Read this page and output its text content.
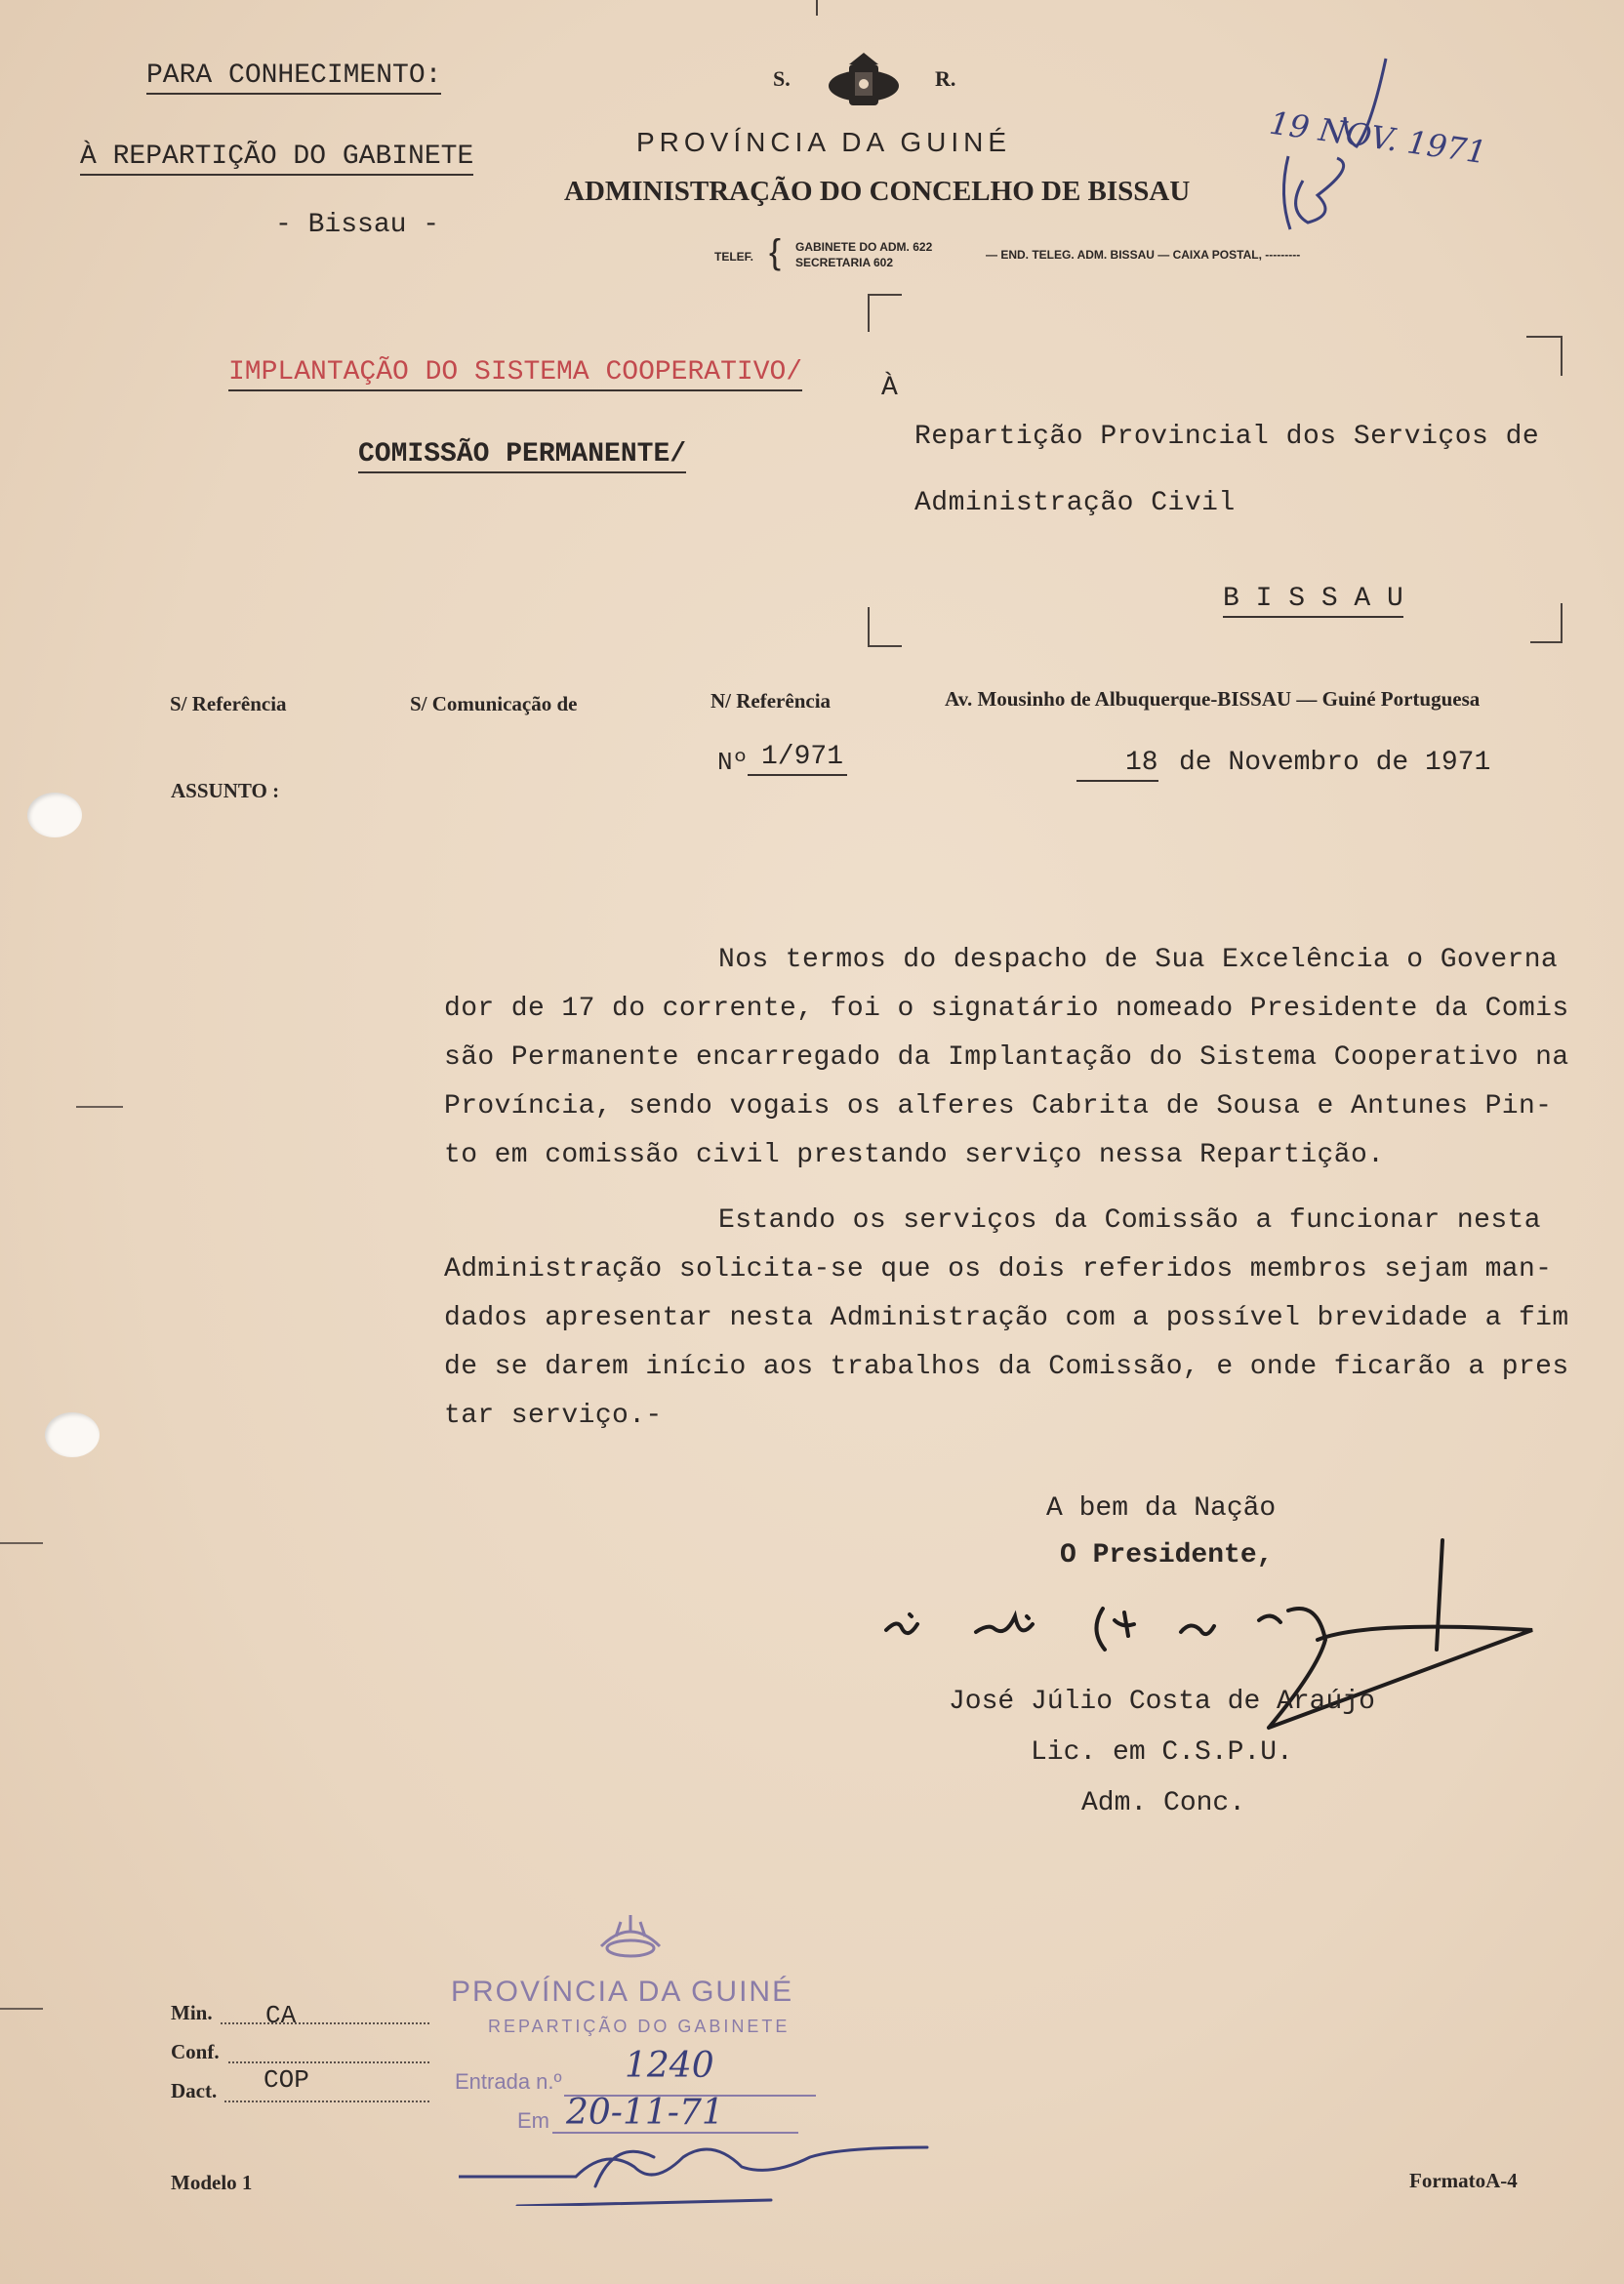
PARA CONHECIMENTO:
À REPARTIÇÃO DO GABINETE
- Bissau -
S.	R.
PROVÍNCIA DA GUINÉ
ADMINISTRAÇÃO DO CONCELHO DE BISSAU
TELEF. { GABINETE DO ADM. 622
SECRETARIA 602
— END. TELEG. ADM. BISSAU — CAIXA POSTAL, ---------
19 NOV. 1971
IMPLANTAÇÃO DO SISTEMA COOPERATIVO/
COMISSÃO PERMANENTE/
À
Repartição Provincial dos Serviços de
Administração Civil
B I S S A U
S/ Referência	S/ Comunicação de	N/ Referência	Av. Mousinho de Albuquerque-BISSAU — Guiné Portuguesa
ASSUNTO :
Nº 1/971	18 de Novembro de 1971
Nos termos do despacho de Sua Excelência o Governa
dor de 17 do corrente, foi o signatário nomeado Presidente da Comis
são Permanente encarregado da Implantação do Sistema Cooperativo na
Província, sendo vogais os alferes Cabrita de Sousa e Antunes Pin-
to em comissão civil prestando serviço nessa Repartição.
Estando os serviços da Comissão a funcionar nesta
Administração solicita-se que os dois referidos membros sejam man-
dados apresentar nesta Administração com a possível brevidade a fim
de se darem início aos trabalhos da Comissão, e onde ficarão a pres
tar serviço.-
A bem da Nação
O Presidente,
José Júlio Costa de Araújo
Lic. em C.S.P.U.
Adm. Conc.
Min. CA
Conf.
Dact. COP
PROVÍNCIA DA GUINÉ
REPARTIÇÃO DO GABINETE
Entrada n.º 1240
Em 20-11-71
Modelo 1	FormatoA-4
